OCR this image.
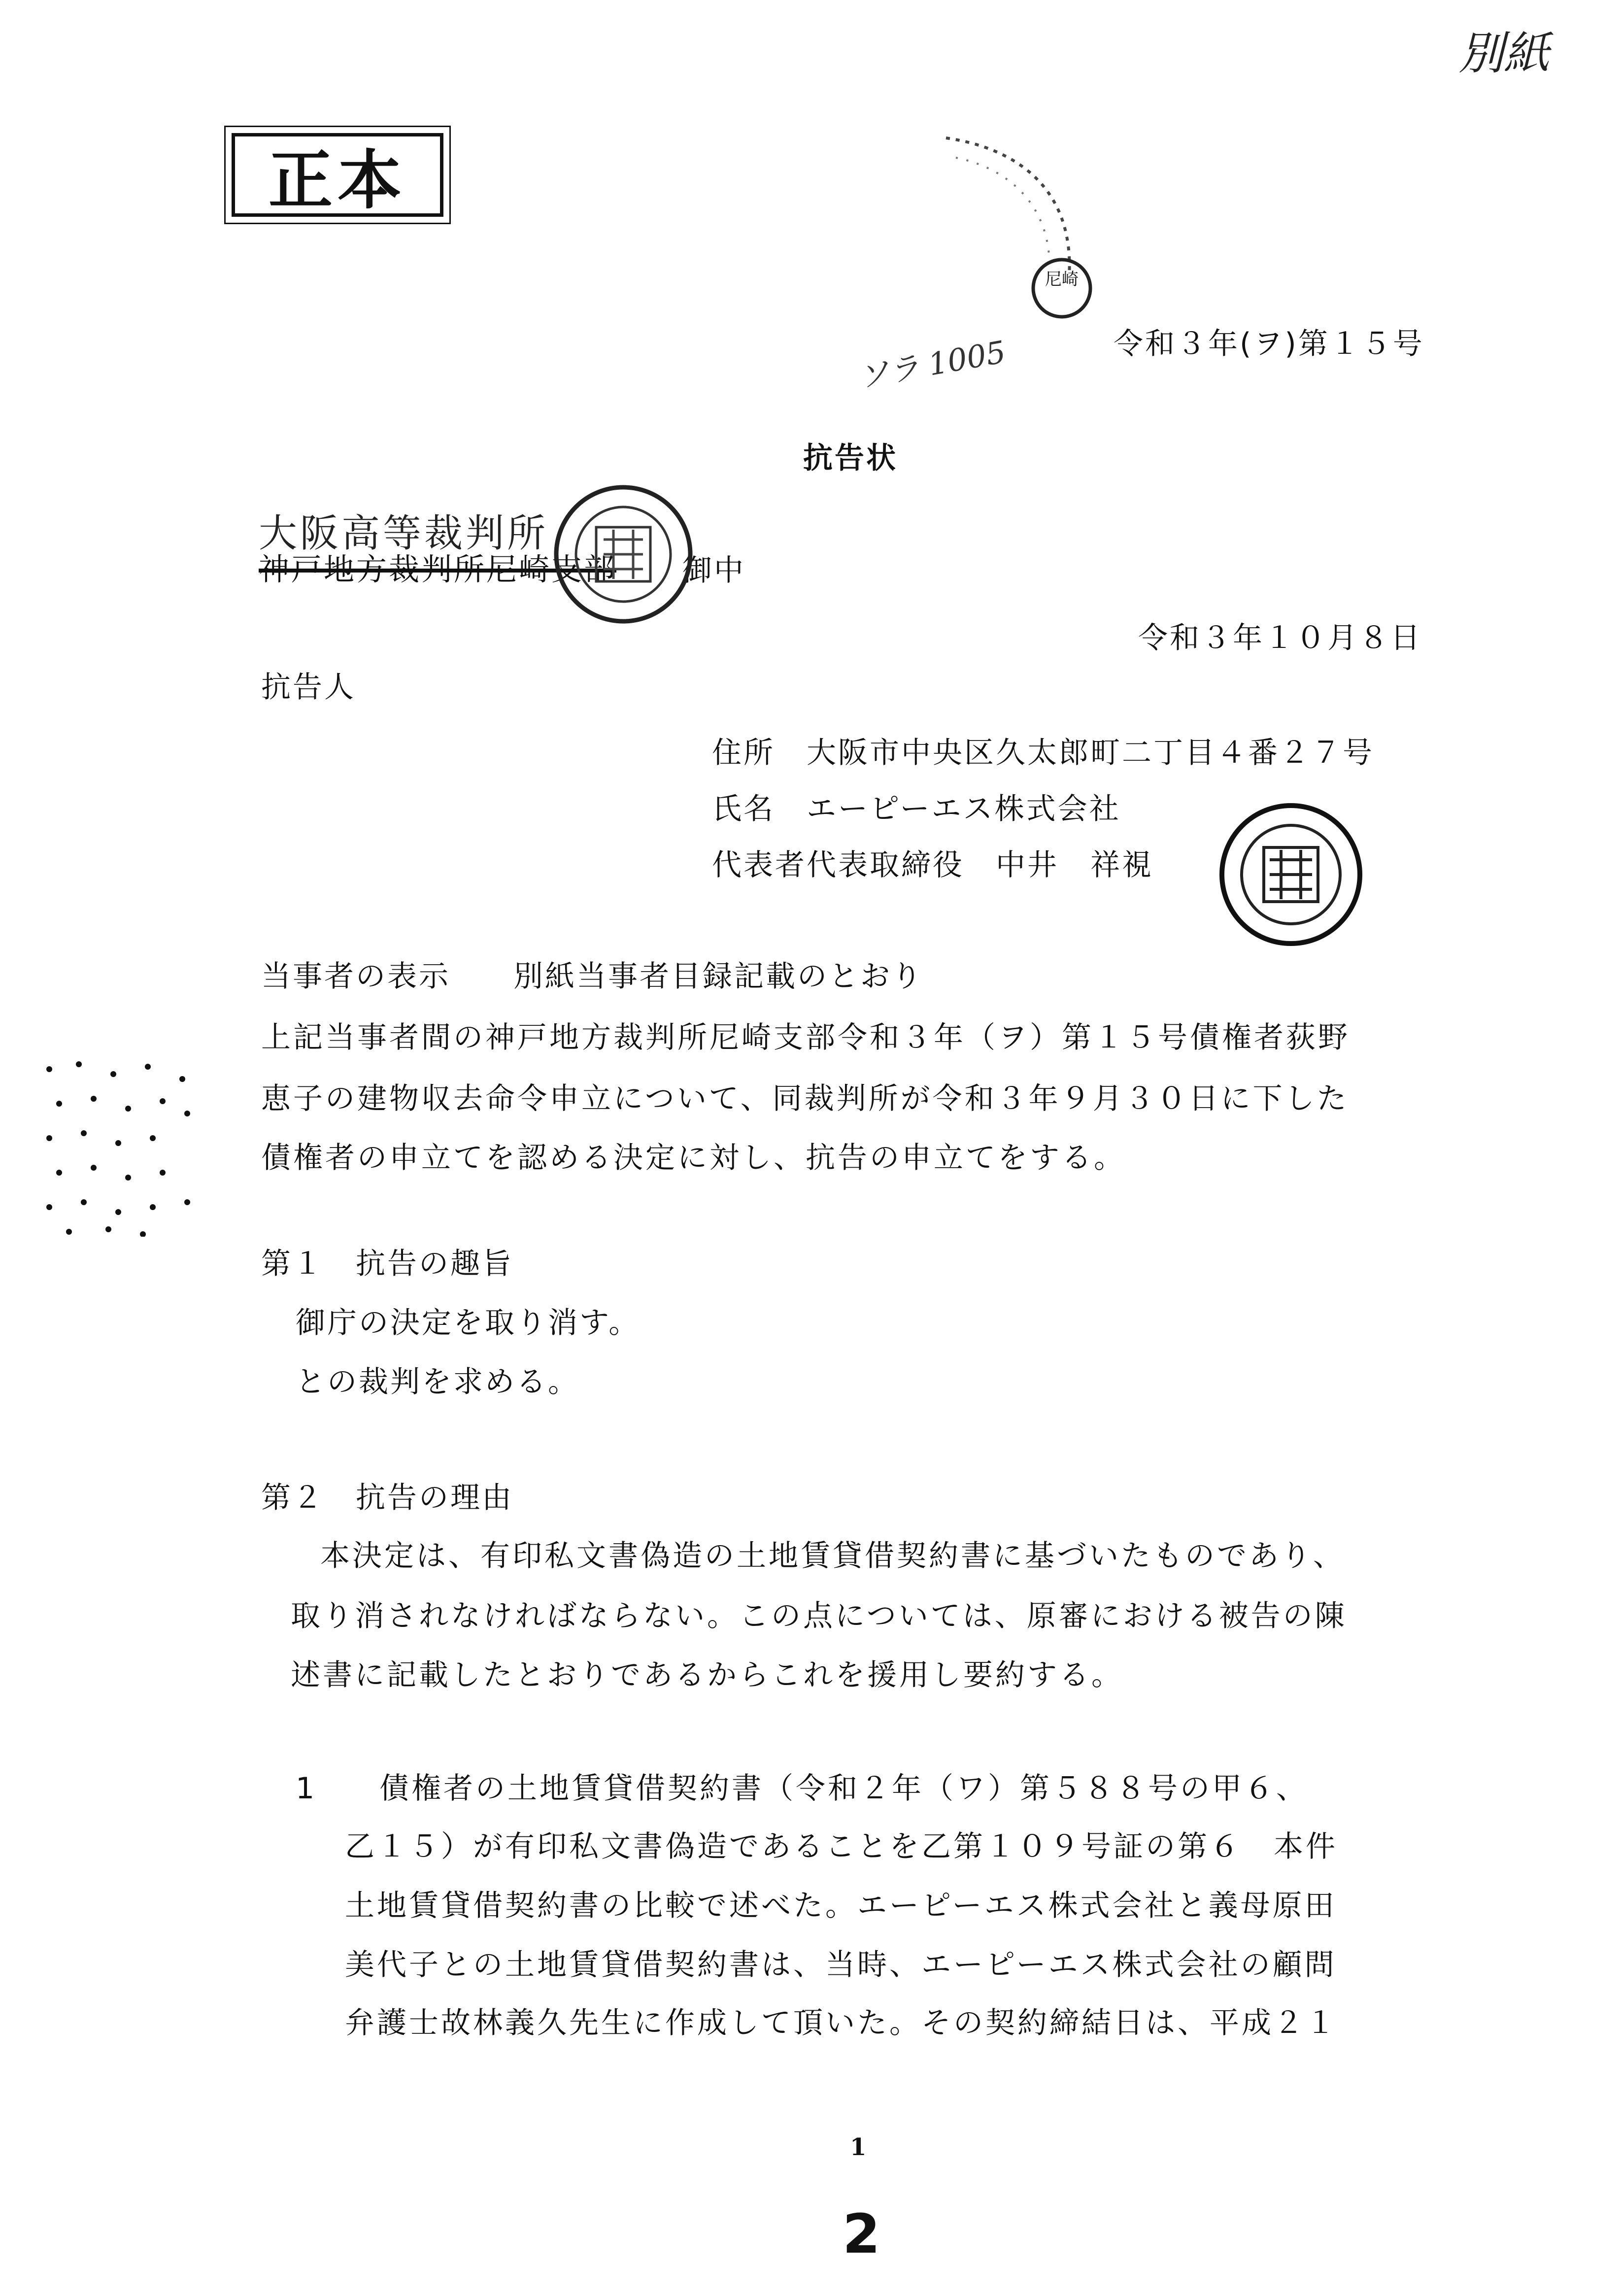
別紙
正本
尼崎
ソラ 1005	令和３年(ヲ)第１５号
抗告状
大阪高等裁判所
神戸地方裁判所尼崎支部 御中
令和３年１０月８日
抗告人
住所　大阪市中央区久太郎町二丁目４番２７号
氏名　エーピーエス株式会社
代表者代表取締役　中井　祥視
当事者の表示　　別紙当事者目録記載のとおり
上記当事者間の神戸地方裁判所尼崎支部令和３年（ヲ）第１５号債権者荻野
恵子の建物収去命令申立について、同裁判所が令和３年９月３０日に下した
債権者の申立てを認める決定に対し、抗告の申立てをする。
第１　抗告の趣旨
御庁の決定を取り消す。
との裁判を求める。
第２　抗告の理由
本決定は、有印私文書偽造の土地賃貸借契約書に基づいたものであり、
取り消されなければならない。この点については、原審における被告の陳
述書に記載したとおりであるからこれを援用し要約する。
1 債権者の土地賃貸借契約書（令和２年（ワ）第５８８号の甲６、
乙１５）が有印私文書偽造であることを乙第１０９号証の第６　本件
土地賃貸借契約書の比較で述べた。エーピーエス株式会社と義母原田
美代子との土地賃貸借契約書は、当時、エーピーエス株式会社の顧問
弁護士故林義久先生に作成して頂いた。その契約締結日は、平成２１
1
2
